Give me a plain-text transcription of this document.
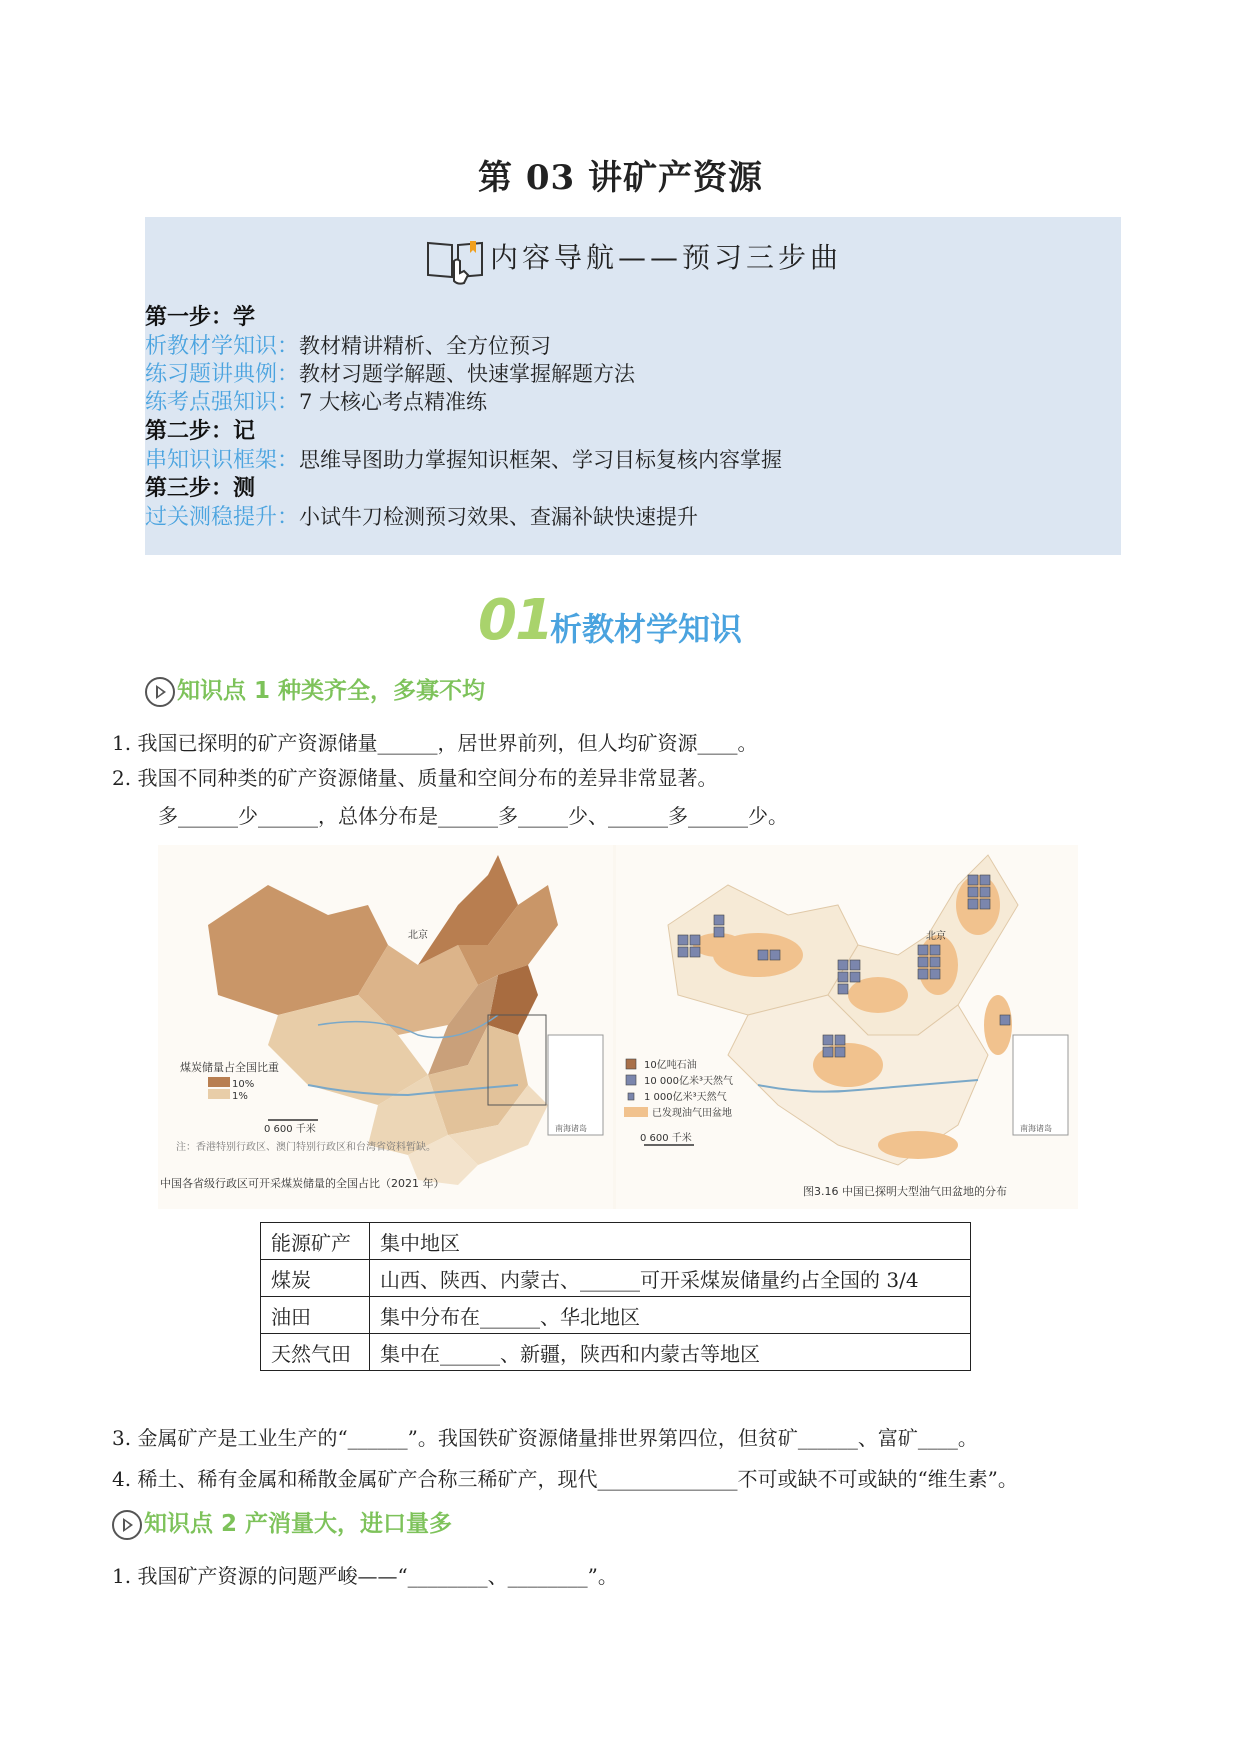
第 03 讲矿产资源
内容导航——预习三步曲
第一步：学
析教材学知识：教材精讲精析、全方位预习
练习题讲典例：教材习题学解题、快速掌握解题方法
练考点强知识：7 大核心考点精准练
第二步：记
串知识识框架：思维导图助力掌握知识框架、学习目标复核内容掌握
第三步：测
过关测稳提升：小试牛刀检测预习效果、查漏补缺快速提升
01
析教材学知识
知识点 1 种类齐全，多寡不均
1. 我国已探明的矿产资源储量______，居世界前列，但人均矿资源____。
2. 我国不同种类的矿产资源储量、质量和空间分布的差异非常显著。
多______少______，总体分布是______多_____少、______多______少。
北京
煤炭储量占全国比重
10%
1%
0 600 千米
注：香港特别行政区、澳门特别行政区和台湾省资料暂缺。
南海诸岛
中国各省级行政区可开采煤炭储量的全国占比（2021 年）
北京
10亿吨石油
10 000亿米³天然气
1 000亿米³天然气
已发现油气田盆地
0 600 千米
南海诸岛
图3.16 中国已探明大型油气田盆地的分布
能源矿产	集中地区
煤炭	山西、陕西、内蒙古、______可开采煤炭储量约占全国的 3/4
油田	集中分布在______、华北地区
天然气田	集中在______、新疆，陕西和内蒙古等地区
3. 金属矿产是工业生产的“______”。我国铁矿资源储量排世界第四位，但贫矿______、富矿____。
4. 稀土、稀有金属和稀散金属矿产合称三稀矿产，现代______________不可或缺不可或缺的“维生素”。
知识点 2 产消量大，进口量多
1. 我国矿产资源的问题严峻——“________、________”。
